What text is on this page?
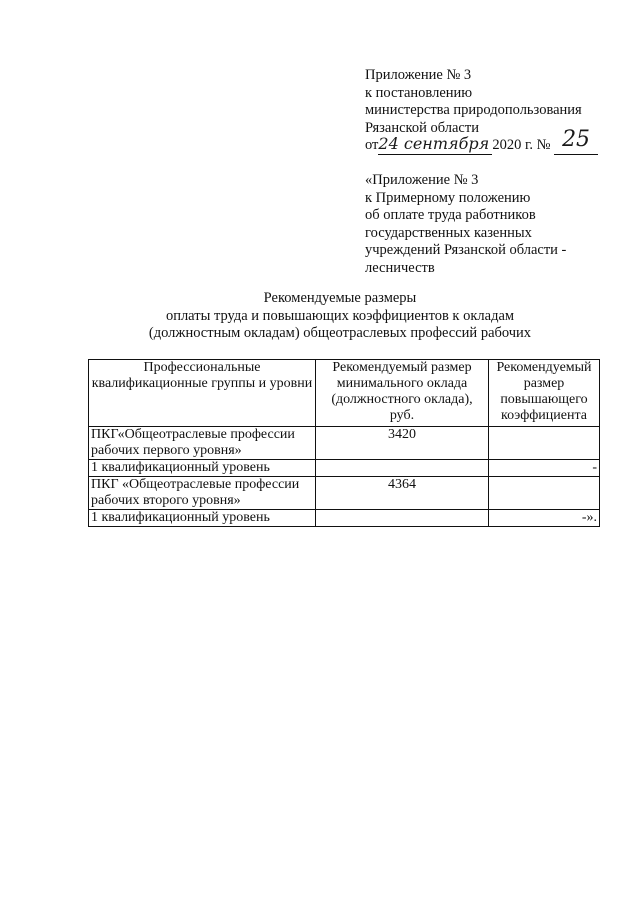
Приложение № 3
к постановлению
министерства природопользования
Рязанской области
от24 сентября 2020 г. № 25
«Приложение № 3
к Примерному положению
об оплате труда работников
государственных казенных
учреждений Рязанской области -
лесничеств
Рекомендуемые размеры
оплаты труда и повышающих коэффициентов к окладам
(должностным окладам) общеотраслевых профессий рабочих
Профессиональные квалификационные группы и уровни	Рекомендуемый размер минимального оклада (должностного оклада), руб.	Рекомендуемый размер повышающего коэффициента
ПКГ«Общеотраслевые профессии рабочих первого уровня»	3420	
1 квалификационный уровень		-
ПКГ «Общеотраслевые профессии рабочих второго уровня»	4364	
1 квалификационный уровень		-».
